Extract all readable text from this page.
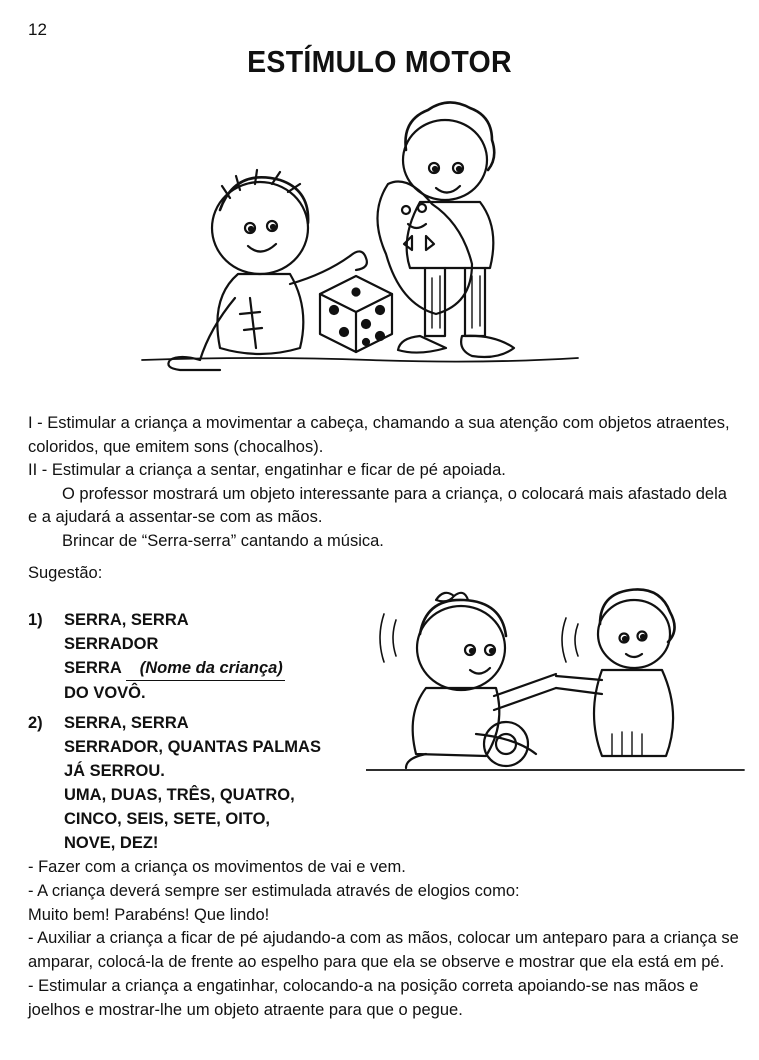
12
ESTÍMULO MOTOR

I - Estimular a criança a movimentar a cabeça, chamando a sua atenção com objetos atraentes, coloridos, que emitem sons (chocalhos).

II - Estimular a criança a sentar, engatinhar e ficar de pé apoiada.

O professor mostrará um objeto interessante para a criança, o colocará mais afastado dela e a ajudará a assentar-se com as mãos.

Brincar de “Serra-serra” cantando a música.

Sugestão:
1)	SERRA, SERRA
SERRADOR
SERRA (Nome da criança)
DO VOVÔ.
2)	SERRA, SERRA
SERRADOR, QUANTAS PALMAS
JÁ SERROU.
UMA, DUAS, TRÊS, QUATRO,
CINCO, SEIS, SETE, OITO,
NOVE, DEZ!

- Fazer com a criança os movimentos de vai e vem.

- A criança deverá sempre ser estimulada através de elogios como:

Muito bem! Parabéns! Que lindo!

- Auxiliar a criança a ficar de pé ajudando-a com as mãos, colocar um anteparo para a criança se amparar, colocá-la de frente ao espelho para que ela se observe e mostrar que ela está em pé.

- Estimular a criança a engatinhar, colocando-a na posição correta apoiando-se nas mãos e joelhos e mostrar-lhe um objeto atraente para que o pegue.
